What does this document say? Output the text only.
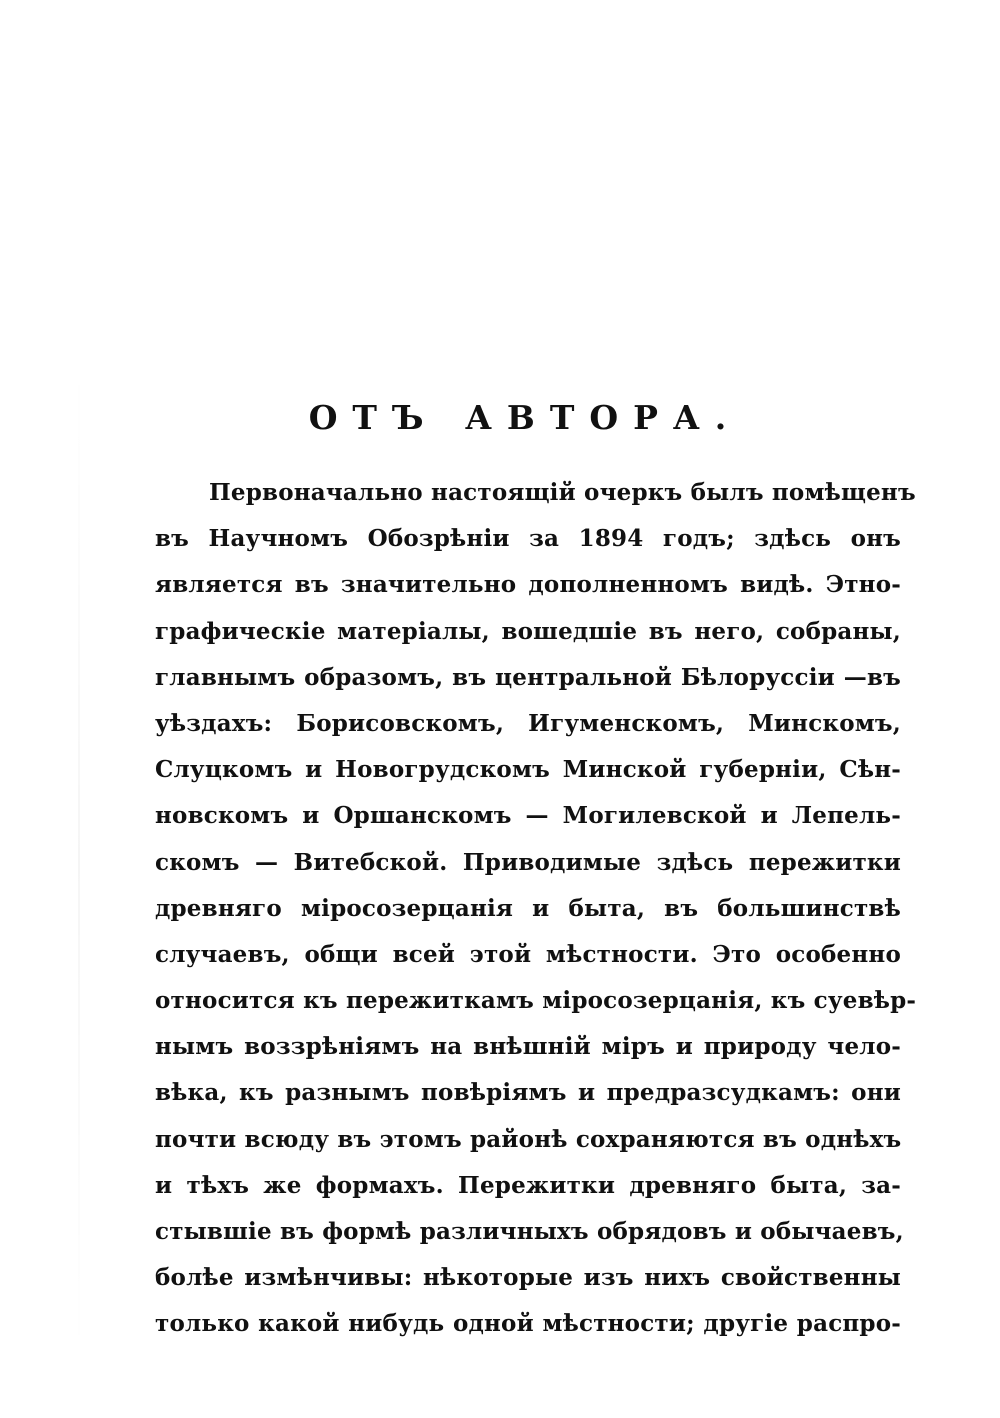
ОТЪ АВТОРА.
Первоначально настоящій очеркъ былъ помѣщенъ
въ Научномъ Обозрѣніи за 1894 годъ; здѣсь онъ
является въ значительно дополненномъ видѣ. Этно-
графическіе матеріалы, вошедшіе въ него, собраны,
главнымъ образомъ, въ центральной Бѣлоруссіи —въ
уѣздахъ: Борисовскомъ, Игуменскомъ, Минскомъ,
Слуцкомъ и Новогрудскомъ Минской губерніи, Сѣн-
новскомъ и Оршанскомъ — Могилевской и Лепель-
скомъ — Витебской. Приводимые здѣсь пережитки
древняго міросозерцанія и быта, въ большинствѣ
случаевъ, общи всей этой мѣстности. Это особенно
относится къ пережиткамъ міросозерцанія, къ суевѣр-
нымъ воззрѣніямъ на внѣшній міръ и природу чело-
вѣка, къ разнымъ повѣріямъ и предразсудкамъ: они
почти всюду въ этомъ районѣ сохраняются въ однѣхъ
и тѣхъ же формахъ. Пережитки древняго быта, за-
стывшіе въ формѣ различныхъ обрядовъ и обычаевъ,
болѣе измѣнчивы: нѣкоторые изъ нихъ свойственны
только какой нибудь одной мѣстности; другіе распро-
